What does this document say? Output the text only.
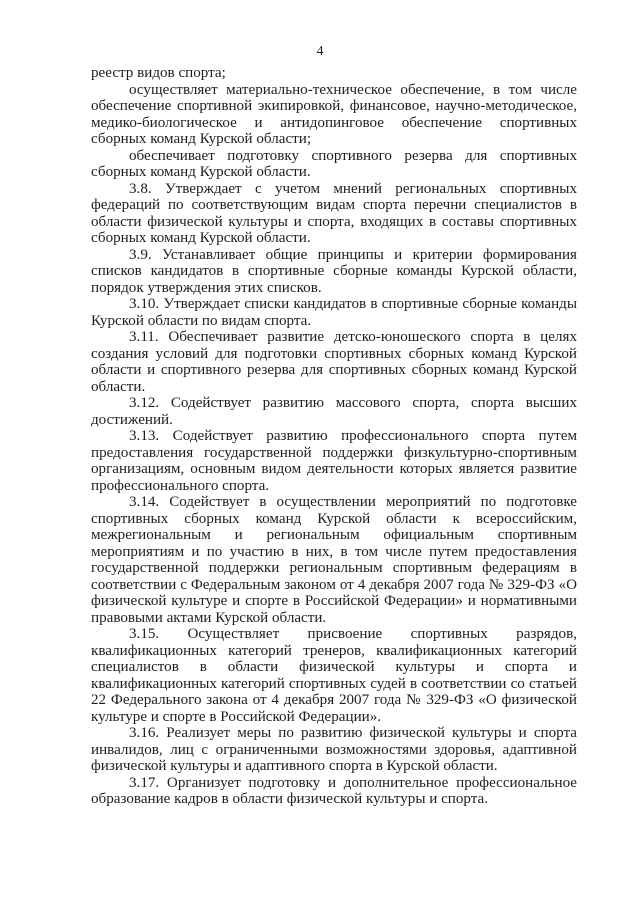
4

реестр видов спорта;

осуществляет материально-техническое обеспечение, в том числе обеспечение спортивной экипировкой, финансовое, научно-методическое, медико-биологическое и антидопинговое обеспечение спортивных сборных команд Курской области;

обеспечивает подготовку спортивного резерва для спортивных сборных команд Курской области.

3.8. Утверждает с учетом мнений региональных спортивных федераций по соответствующим видам спорта перечни специалистов в области физической культуры и спорта, входящих в составы спортивных сборных команд Курской области.

3.9. Устанавливает общие принципы и критерии формирования списков кандидатов в спортивные сборные команды Курской области, порядок утверждения этих списков.

3.10. Утверждает списки кандидатов в спортивные сборные команды Курской области по видам спорта.

3.11. Обеспечивает развитие детско-юношеского спорта в целях создания условий для подготовки спортивных сборных команд Курской области и спортивного резерва для спортивных сборных команд Курской области.

3.12. Содействует развитию массового спорта, спорта высших достижений.

3.13. Содействует развитию профессионального спорта путем предоставления государственной поддержки физкультурно-спортивным организациям, основным видом деятельности которых является развитие профессионального спорта.

3.14. Содействует в осуществлении мероприятий по подготовке спортивных сборных команд Курской области к всероссийским, межрегиональным и региональным официальным спортивным мероприятиям и по участию в них, в том числе путем предоставления государственной поддержки региональным спортивным федерациям в соответствии с Федеральным законом от 4 декабря 2007 года № 329-ФЗ «О физической культуре и спорте в Российской Федерации» и нормативными правовыми актами Курской области.

3.15. Осуществляет присвоение спортивных разрядов, квалификационных категорий тренеров, квалификационных категорий специалистов в области физической культуры и спорта и квалификационных категорий спортивных судей в соответствии со статьей 22 Федерального закона от 4 декабря 2007 года № 329-ФЗ «О физической культуре и спорте в Российской Федерации».

3.16. Реализует меры по развитию физической культуры и спорта инвалидов, лиц с ограниченными возможностями здоровья, адаптивной физической культуры и адаптивного спорта в Курской области.

3.17. Организует подготовку и дополнительное профессиональное образование кадров в области физической культуры и спорта.
